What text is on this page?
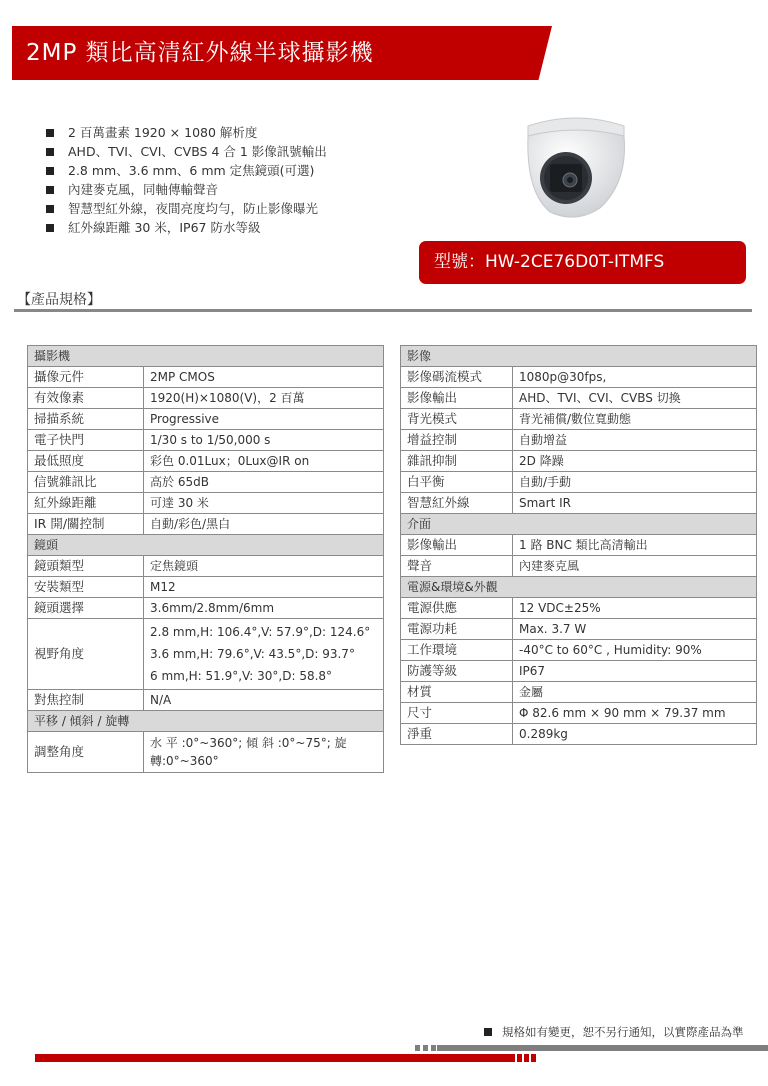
2MP 類比高清紅外線半球攝影機
2 百萬畫素 1920 × 1080 解析度
AHD、TVI、CVI、CVBS 4 合 1 影像訊號輸出
2.8 mm、3.6 mm、6 mm 定焦鏡頭(可選)
內建麥克風，同軸傳輸聲音
智慧型紅外線，夜間亮度均勻，防止影像曝光
紅外線距離 30 米，IP67 防水等級
型號：HW-2CE76D0T-ITMFS
【產品規格】
攝影機	
攝像元件	2MP CMOS
有效像素	1920(H)×1080(V)，2 百萬
掃描系統	Progressive
電子快門	1/30 s to 1/50,000 s
最低照度	彩色 0.01Lux；0Lux@IR on
信號雜訊比	高於 65dB
紅外線距離	可達 30 米
IR 開/關控制	自動/彩色/黑白
鏡頭	
鏡頭類型	定焦鏡頭
安裝類型	M12
鏡頭選擇	3.6mm/2.8mm/6mm
視野角度	2.8 mm,H: 106.4°,V: 57.9°,D: 124.6°
3.6 mm,H: 79.6°,V: 43.5°,D: 93.7°
6 mm,H: 51.9°,V: 30°,D: 58.8°

對焦控制	N/A
平移 / 傾斜 / 旋轉	
調整角度	水 平 :0°~360°; 傾 斜 :0°~75°; 旋轉:0°~360°
影像	
影像碼流模式	1080p@30fps,
影像輸出	AHD、TVI、CVI、CVBS 切換
背光模式	背光補償/數位寬動態
增益控制	自動增益
雜訊抑制	2D 降躁
白平衡	自動/手動
智慧紅外線	Smart IR
介面	
影像輸出	1 路 BNC 類比高清輸出
聲音	內建麥克風
電源&環境&外觀	
電源供應	12 VDC±25%
電源功耗	Max. 3.7 W
工作環境	-40°C to 60°C , Humidity: 90%
防護等級	IP67
材質	金屬
尺寸	Φ 82.6 mm × 90 mm × 79.37 mm
淨重	0.289kg
規格如有變更，恕不另行通知，以實際產品為準
